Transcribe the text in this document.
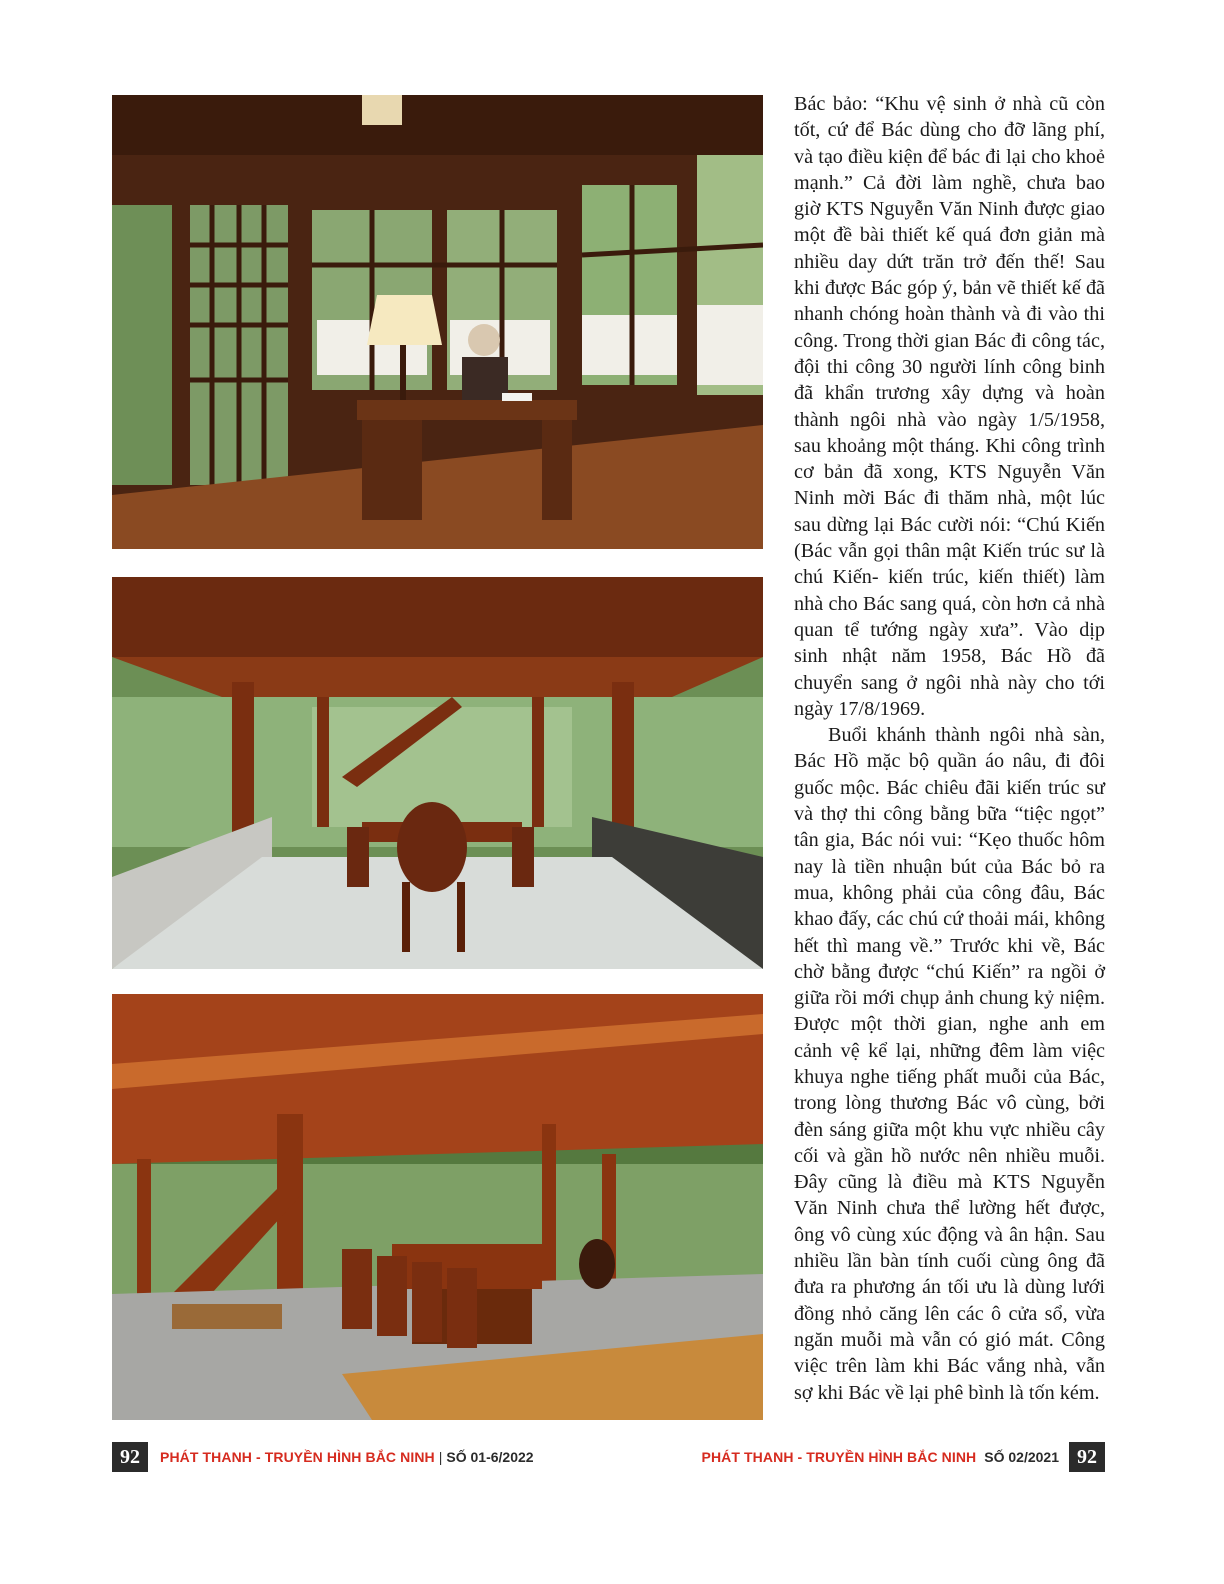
Bác bảo: “Khu vệ sinh ở nhà cũ còn tốt, cứ để Bác dùng cho đỡ lãng phí, và tạo điều kiện để bác đi lại cho khoẻ mạnh.” Cả đời làm nghề, chưa bao giờ KTS Nguyễn Văn Ninh được giao một đề bài thiết kế quá đơn giản mà nhiều day dứt trăn trở đến thế! Sau khi được Bác góp ý, bản vẽ thiết kế đã nhanh chóng hoàn thành và đi vào thi công. Trong thời gian Bác đi công tác, đội thi công 30 người lính công binh đã khẩn trương xây dựng và hoàn thành ngôi nhà vào ngày 1/5/1958, sau khoảng một tháng. Khi công trình cơ bản đã xong, KTS Nguyễn Văn Ninh mời Bác đi thăm nhà, một lúc sau dừng lại Bác cười nói: “Chú Kiến (Bác vẫn gọi thân mật Kiến trúc sư là chú Kiến- kiến trúc, kiến thiết) làm nhà cho Bác sang quá, còn hơn cả nhà quan tể tướng ngày xưa”. Vào dịp sinh nhật năm 1958, Bác Hồ đã chuyển sang ở ngôi nhà này cho tới ngày 17/8/1969.

Buổi khánh thành ngôi nhà sàn, Bác Hồ mặc bộ quần áo nâu, đi đôi guốc mộc. Bác chiêu đãi kiến trúc sư và thợ thi công bằng bữa “tiệc ngọt” tân gia, Bác nói vui: “Kẹo thuốc hôm nay là tiền nhuận bút của Bác bỏ ra mua, không phải của công đâu, Bác khao đấy, các chú cứ thoải mái, không hết thì mang về.” Trước khi về, Bác chờ bằng được “chú Kiến” ra ngồi ở giữa rồi mới chụp ảnh chung kỷ niệm. Được một thời gian, nghe anh em cảnh vệ kể lại, những đêm làm việc khuya nghe tiếng phất muỗi của Bác, trong lòng thương Bác vô cùng, bởi đèn sáng giữa một khu vực nhiều cây cối và gần hồ nước nên nhiều muỗi. Đây cũng là điều mà KTS Nguyễn Văn Ninh chưa thể lường hết được, ông vô cùng xúc động và ân hận. Sau nhiều lần bàn tính cuối cùng ông đã đưa ra phương án tối ưu là dùng lưới đồng nhỏ căng lên các ô cửa sổ, vừa ngăn muỗi mà vẫn có gió mát. Công việc trên làm khi Bác vắng nhà, vẫn sợ khi Bác về lại phê bình là tốn kém.

92	PHÁT THANH - TRUYỀN HÌNH BẮC NINH | SỐ 01-6/2022	PHÁT THANH - TRUYỀN HÌNH BẮC NINH SỐ 02/2021 92
